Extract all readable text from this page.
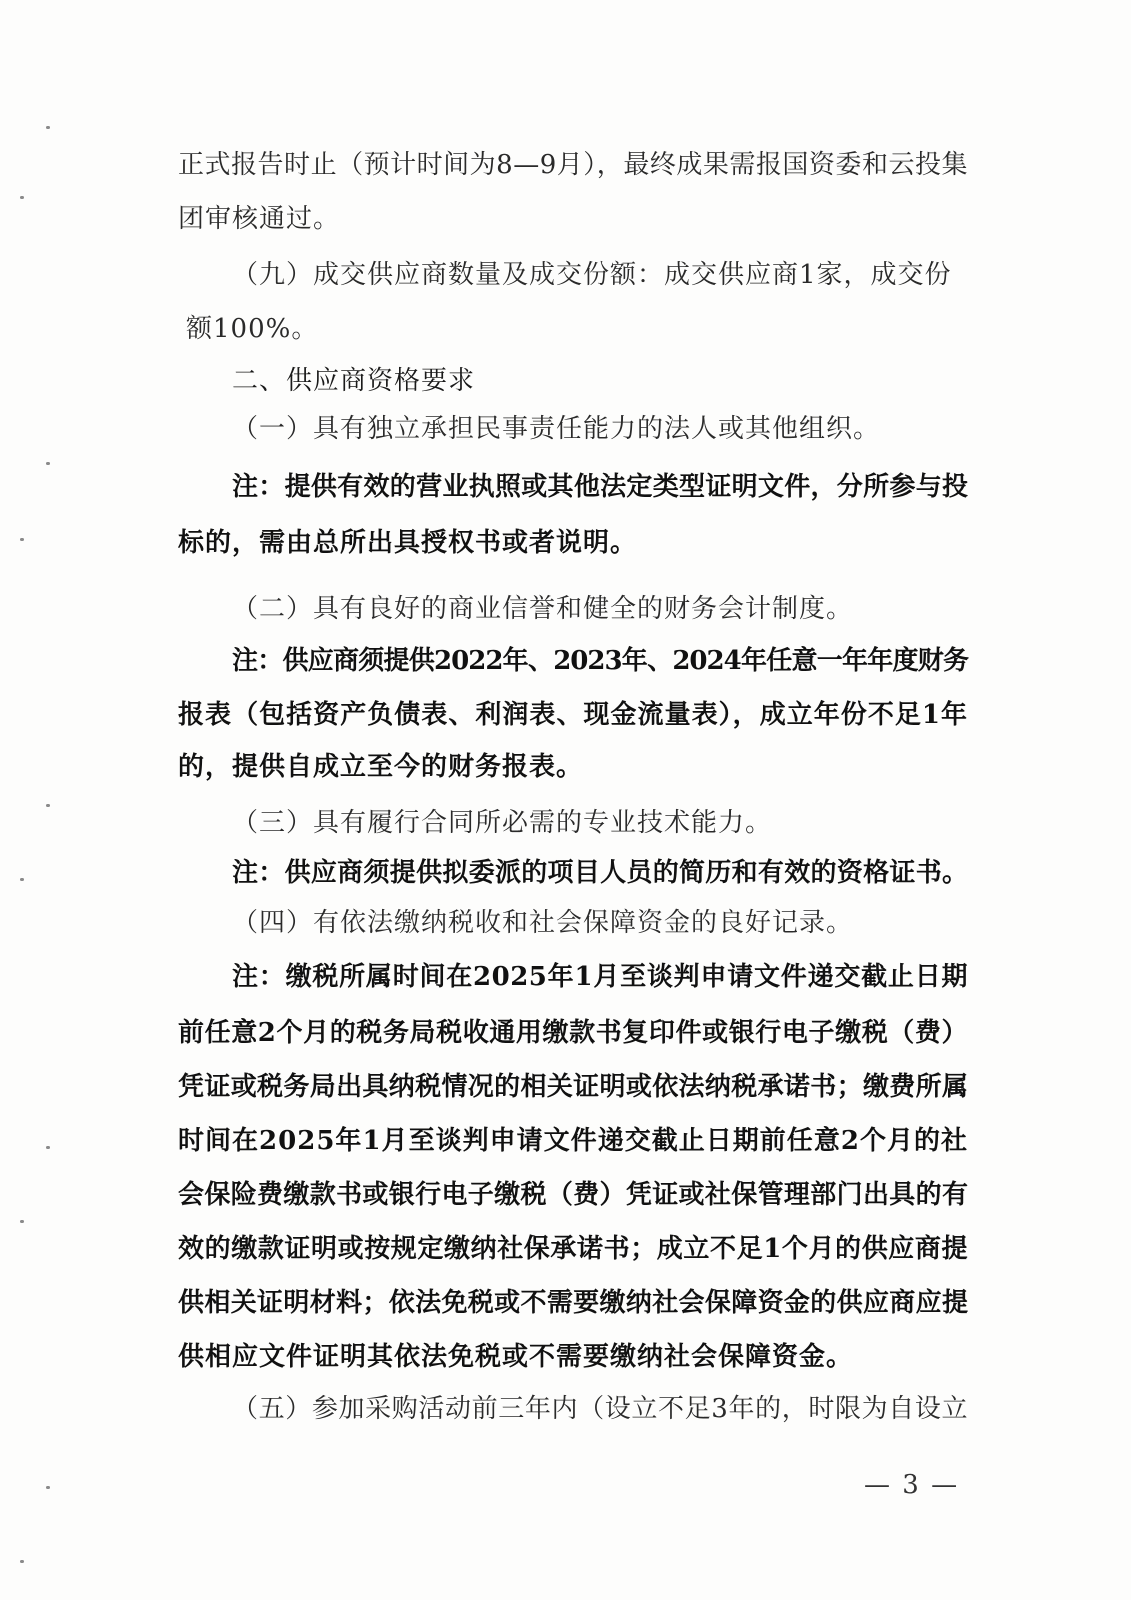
正式报告时止（预计时间为8—9月），最终成果需报国资委和云投集
团审核通过。
（九）成交供应商数量及成交份额：成交供应商1家，成交份
额100%。
二、供应商资格要求
（一）具有独立承担民事责任能力的法人或其他组织。
注：提供有效的营业执照或其他法定类型证明文件，分所参与投
标的，需由总所出具授权书或者说明。
（二）具有良好的商业信誉和健全的财务会计制度。
注：供应商须提供2022年、2023年、2024年任意一年年度财务
报表（包括资产负债表、利润表、现金流量表），成立年份不足1年
的，提供自成立至今的财务报表。
（三）具有履行合同所必需的专业技术能力。
注：供应商须提供拟委派的项目人员的简历和有效的资格证书。
（四）有依法缴纳税收和社会保障资金的良好记录。
注：缴税所属时间在2025年1月至谈判申请文件递交截止日期
前任意2个月的税务局税收通用缴款书复印件或银行电子缴税（费）
凭证或税务局出具纳税情况的相关证明或依法纳税承诺书；缴费所属
时间在2025年1月至谈判申请文件递交截止日期前任意2个月的社
会保险费缴款书或银行电子缴税（费）凭证或社保管理部门出具的有
效的缴款证明或按规定缴纳社保承诺书；成立不足1个月的供应商提
供相关证明材料；依法免税或不需要缴纳社会保障资金的供应商应提
供相应文件证明其依法免税或不需要缴纳社会保障资金。
（五）参加采购活动前三年内（设立不足3年的，时限为自设立
— 3 —
